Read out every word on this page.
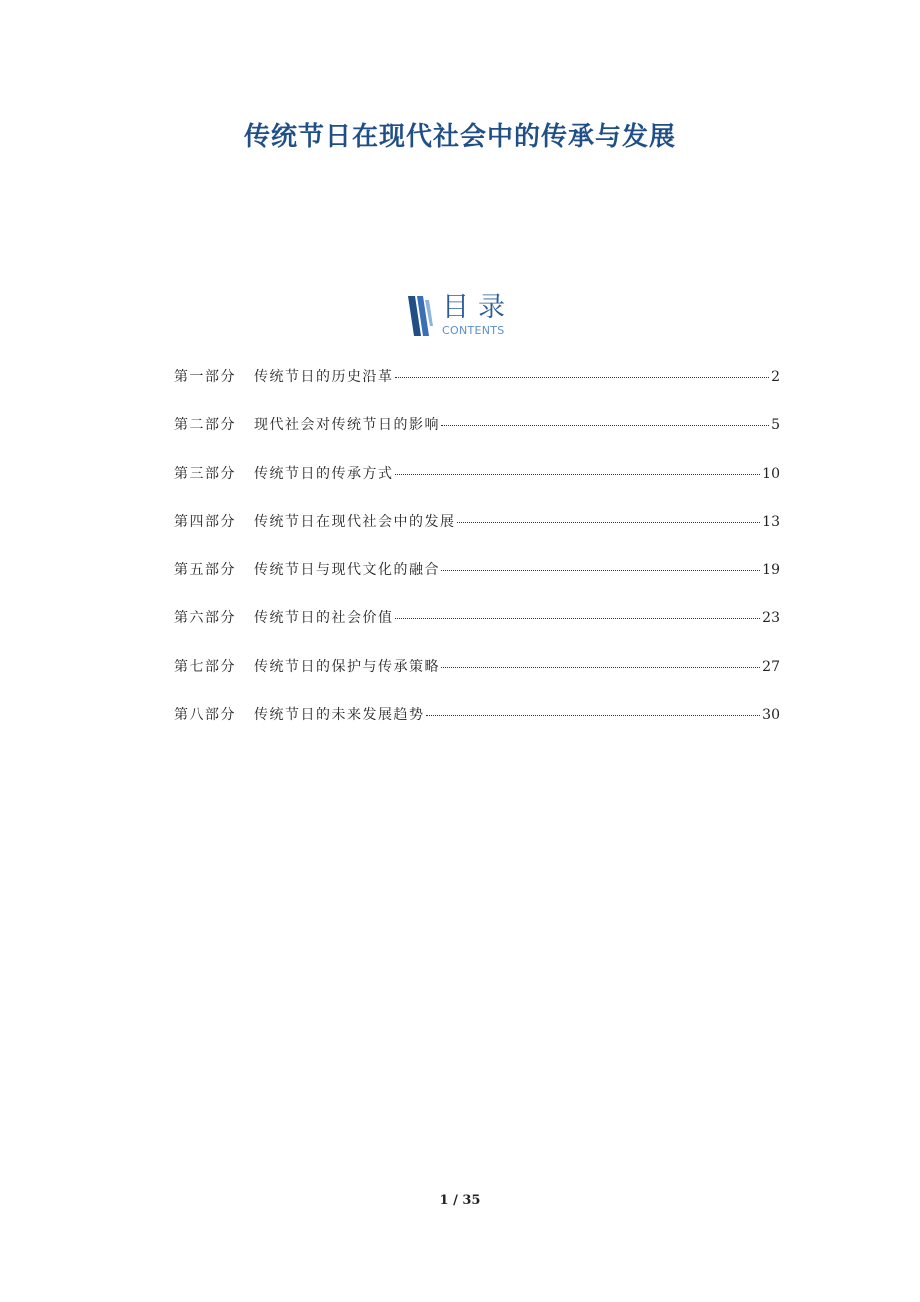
传统节日在现代社会中的传承与发展
目录
CONTENTS
第一部分	传统节日的历史沿革	2
第二部分	现代社会对传统节日的影响	5
第三部分	传统节日的传承方式	10
第四部分	传统节日在现代社会中的发展	13
第五部分	传统节日与现代文化的融合	19
第六部分	传统节日的社会价值	23
第七部分	传统节日的保护与传承策略	27
第八部分	传统节日的未来发展趋势	30
1 / 35
